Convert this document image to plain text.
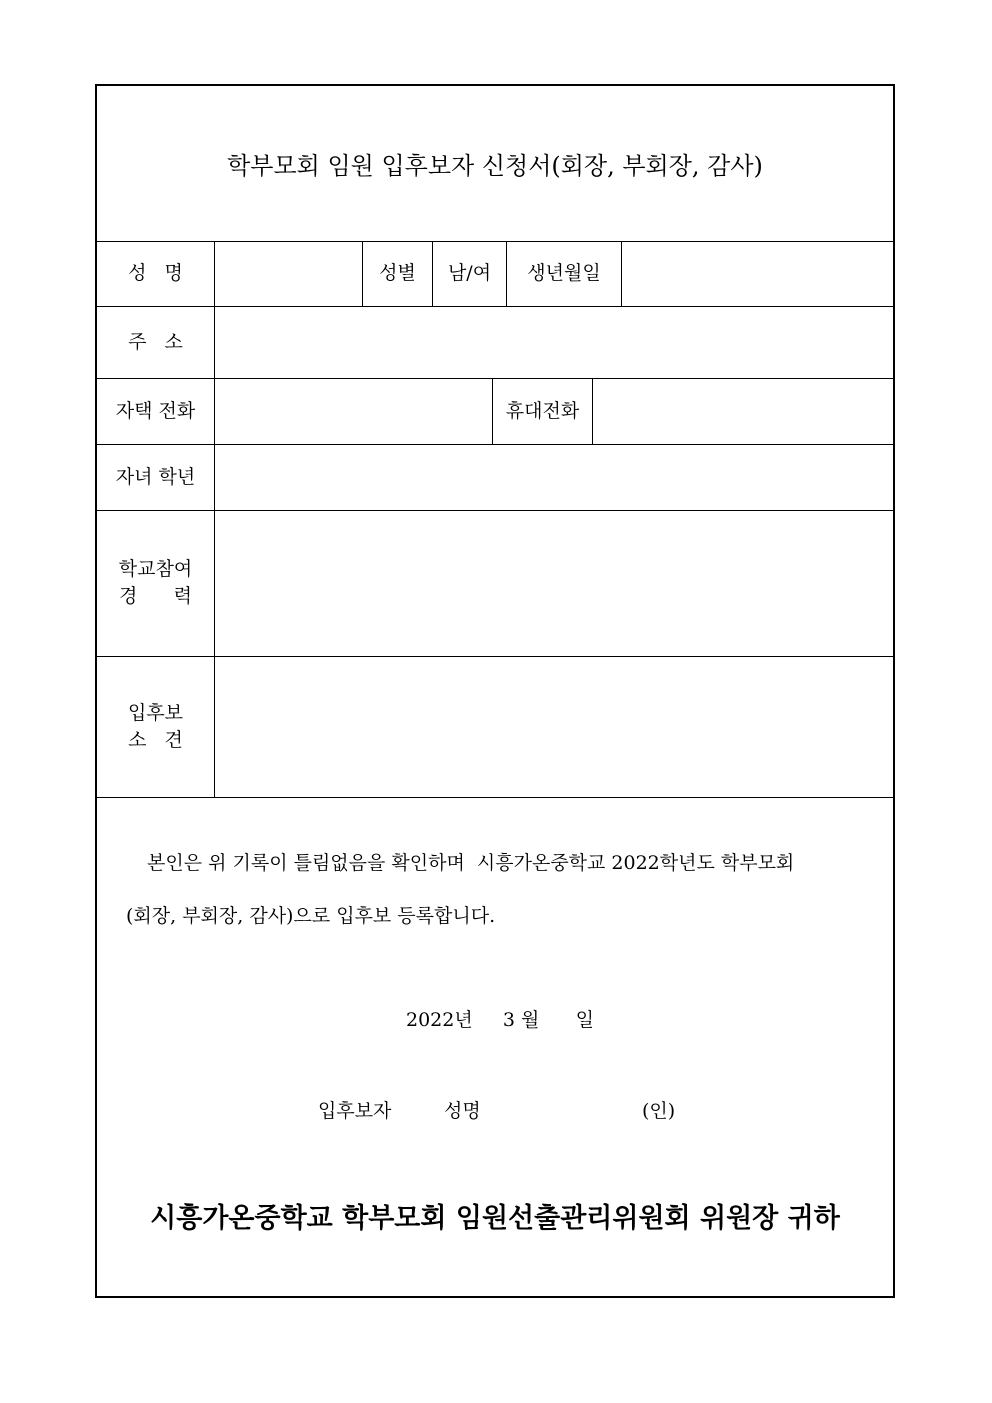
학부모회 임원 입후보자 신청서(회장, 부회장, 감사)
성   명	성별	남/여	생년월일
주   소
자택 전화	휴대전화
자녀 학년
학교참여
경      력
입후보
소   견
본인은 위 기록이 틀림없음을 확인하며  시흥가온중학교 2022학년도 학부모회
(회장, 부회장, 감사)으로 입후보 등록합니다.
2022년     3 월      일
입후보자	성명	(인)
시흥가온중학교 학부모회 임원선출관리위원회 위원장 귀하
